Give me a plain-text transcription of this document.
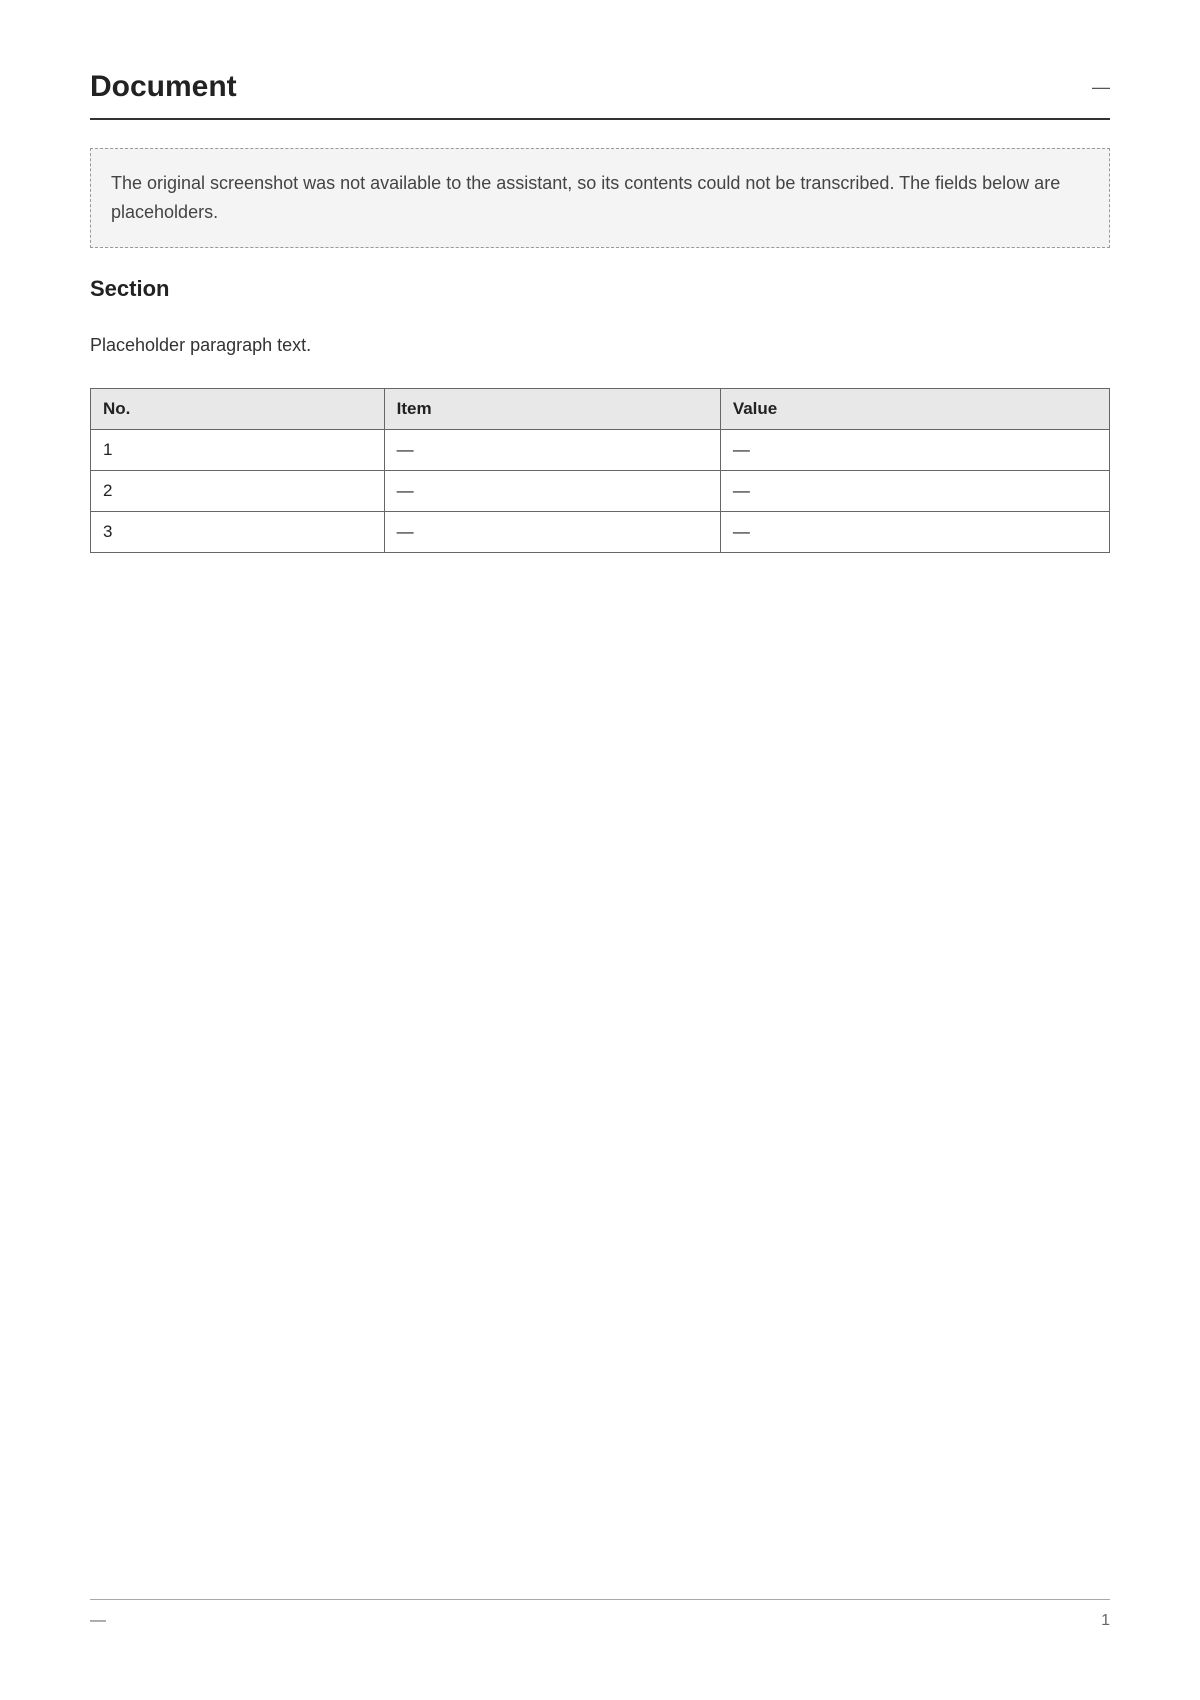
Document	—
The original screenshot was not available to the assistant, so its contents could not be transcribed. The fields below are placeholders.
Section
Placeholder paragraph text.
No.	Item	Value
1	—	—
2	—	—
3	—	—
—	1
